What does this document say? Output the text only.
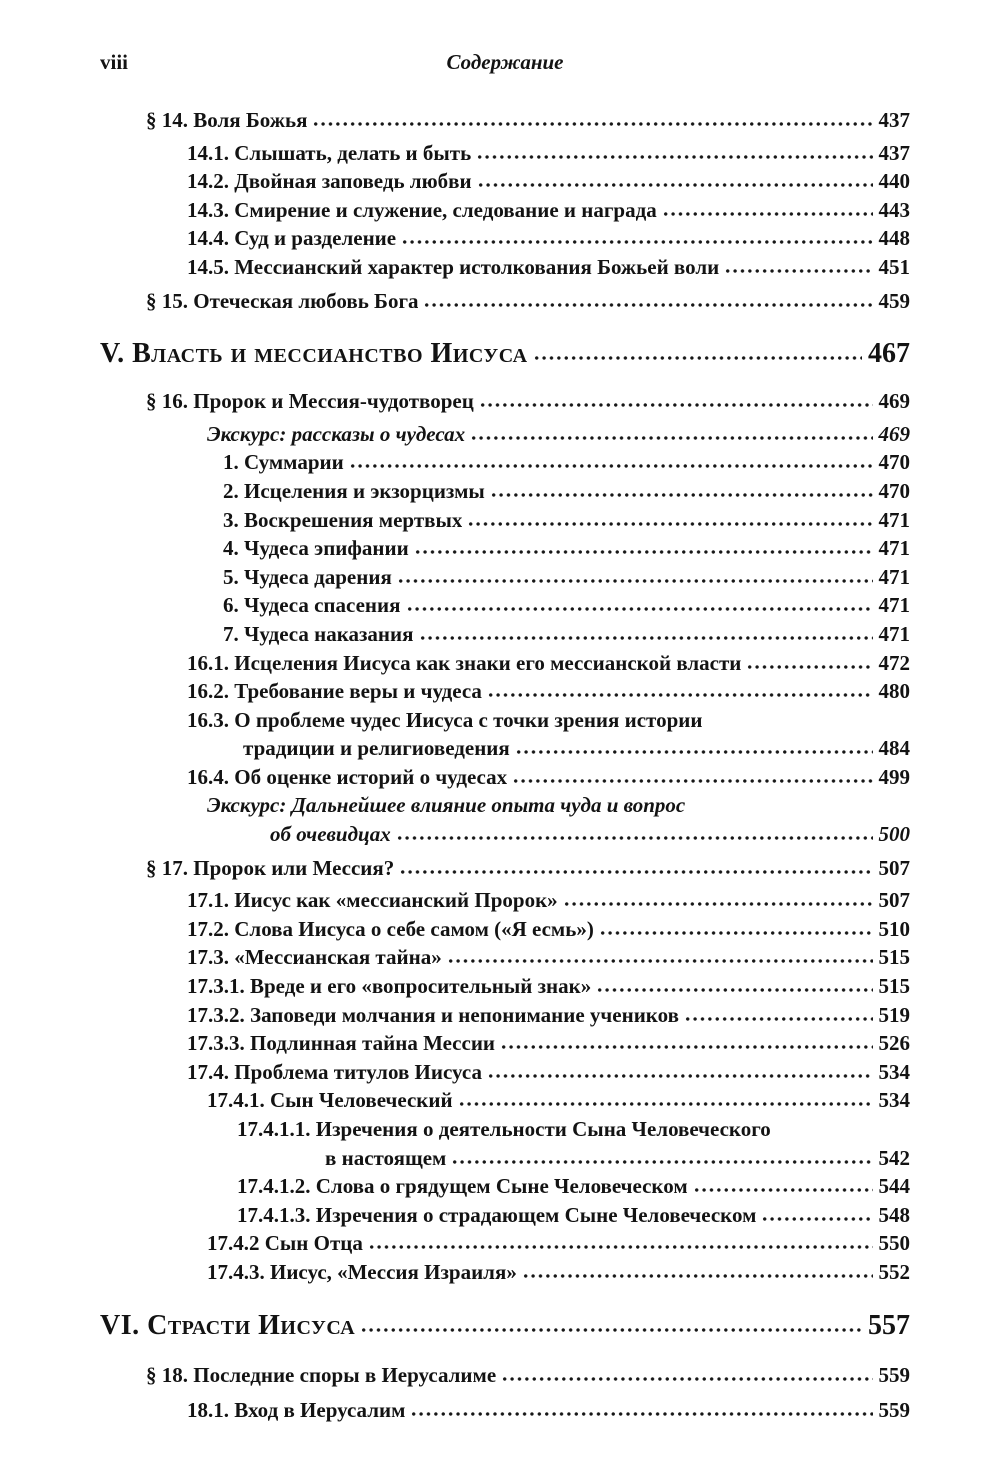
viii	Содержание
§ 14. Воля Божья	437
14.1. Слышать, делать и быть	437
14.2. Двойная заповедь любви	440
14.3. Смирение и служение, следование и награда	443
14.4. Суд и разделение	448
14.5. Мессианский характер истолкования Божьей воли	451
§ 15. Отеческая любовь Бога	459
V. Власть и мессианство Иисуса	467
§ 16. Пророк и Мессия-чудотворец	469
Экскурс: рассказы о чудесах	469
1. Суммарии	470
2. Исцеления и экзорцизмы	470
3. Воскрешения мертвых	471
4. Чудеса эпифании	471
5. Чудеса дарения	471
6. Чудеса спасения	471
7. Чудеса наказания	471
16.1. Исцеления Иисуса как знаки его мессианской власти	472
16.2. Требование веры и чудеса	480
16.3. О проблеме чудес Иисуса с точки зрения истории
традиции и религиоведения	484
16.4. Об оценке историй о чудесах	499
Экскурс: Дальнейшее влияние опыта чуда и вопрос
об очевидцах	500
§ 17. Пророк или Мессия?	507
17.1. Иисус как «мессианский Пророк»	507
17.2. Слова Иисуса о себе самом («Я есмь»)	510
17.3. «Мессианская тайна»	515
17.3.1. Вреде и его «вопросительный знак»	515
17.3.2. Заповеди молчания и непонимание учеников	519
17.3.3. Подлинная тайна Мессии	526
17.4. Проблема титулов Иисуса	534
17.4.1. Сын Человеческий	534
17.4.1.1. Изречения о деятельности Сына Человеческого
в настоящем	542
17.4.1.2. Слова о грядущем Сыне Человеческом	544
17.4.1.3. Изречения о страдающем Сыне Человеческом	548
17.4.2 Сын Отца	550
17.4.3. Иисус, «Мессия Израиля»	552
VI. Страсти Иисуса	557
§ 18. Последние споры в Иерусалиме	559
18.1. Вход в Иерусалим	559
